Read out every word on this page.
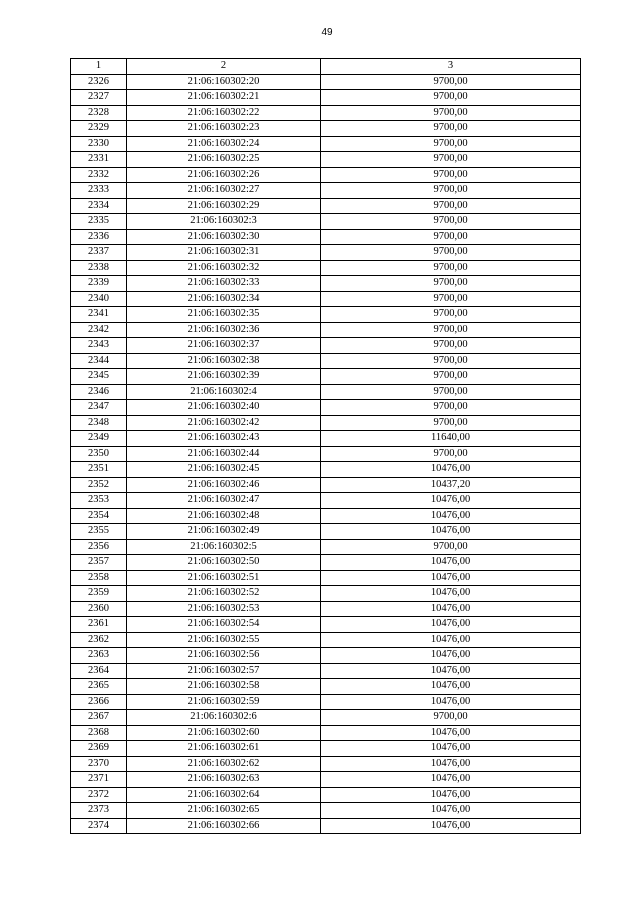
49
1	2	3
2326	21:06:160302:20	9700,00
2327	21:06:160302:21	9700,00
2328	21:06:160302:22	9700,00
2329	21:06:160302:23	9700,00
2330	21:06:160302:24	9700,00
2331	21:06:160302:25	9700,00
2332	21:06:160302:26	9700,00
2333	21:06:160302:27	9700,00
2334	21:06:160302:29	9700,00
2335	21:06:160302:3	9700,00
2336	21:06:160302:30	9700,00
2337	21:06:160302:31	9700,00
2338	21:06:160302:32	9700,00
2339	21:06:160302:33	9700,00
2340	21:06:160302:34	9700,00
2341	21:06:160302:35	9700,00
2342	21:06:160302:36	9700,00
2343	21:06:160302:37	9700,00
2344	21:06:160302:38	9700,00
2345	21:06:160302:39	9700,00
2346	21:06:160302:4	9700,00
2347	21:06:160302:40	9700,00
2348	21:06:160302:42	9700,00
2349	21:06:160302:43	11640,00
2350	21:06:160302:44	9700,00
2351	21:06:160302:45	10476,00
2352	21:06:160302:46	10437,20
2353	21:06:160302:47	10476,00
2354	21:06:160302:48	10476,00
2355	21:06:160302:49	10476,00
2356	21:06:160302:5	9700,00
2357	21:06:160302:50	10476,00
2358	21:06:160302:51	10476,00
2359	21:06:160302:52	10476,00
2360	21:06:160302:53	10476,00
2361	21:06:160302:54	10476,00
2362	21:06:160302:55	10476,00
2363	21:06:160302:56	10476,00
2364	21:06:160302:57	10476,00
2365	21:06:160302:58	10476,00
2366	21:06:160302:59	10476,00
2367	21:06:160302:6	9700,00
2368	21:06:160302:60	10476,00
2369	21:06:160302:61	10476,00
2370	21:06:160302:62	10476,00
2371	21:06:160302:63	10476,00
2372	21:06:160302:64	10476,00
2373	21:06:160302:65	10476,00
2374	21:06:160302:66	10476,00
